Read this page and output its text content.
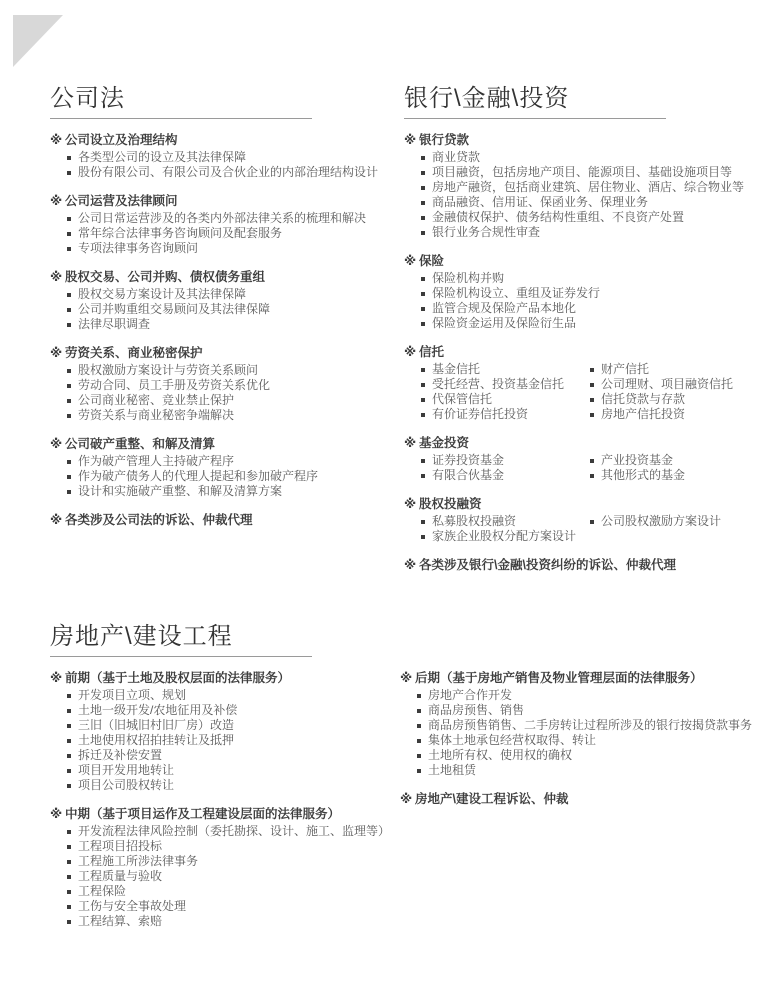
公司法
※ 公司设立及治理结构
各类型公司的设立及其法律保障
股份有限公司、有限公司及合伙企业的内部治理结构设计
※ 公司运营及法律顾问
公司日常运营涉及的各类内外部法律关系的梳理和解决
常年综合法律事务咨询顾问及配套服务
专项法律事务咨询顾问
※ 股权交易、公司并购、债权债务重组
股权交易方案设计及其法律保障
公司并购重组交易顾问及其法律保障
法律尽职调查
※ 劳资关系、商业秘密保护
股权激励方案设计与劳资关系顾问
劳动合同、员工手册及劳资关系优化
公司商业秘密、竞业禁止保护
劳资关系与商业秘密争端解决
※ 公司破产重整、和解及清算
作为破产管理人主持破产程序
作为破产债务人的代理人提起和参加破产程序
设计和实施破产重整、和解及清算方案
※ 各类涉及公司法的诉讼、仲裁代理
银行\金融\投资
※ 银行贷款
商业贷款
项目融资，包括房地产项目、能源项目、基础设施项目等
房地产融资，包括商业建筑、居住物业、酒店、综合物业等
商品融资、信用证、保函业务、保理业务
金融债权保护、债务结构性重组、不良资产处置
银行业务合规性审查
※ 保险
保险机构并购
保险机构设立、重组及证券发行
监管合规及保险产品本地化
保险资金运用及保险衍生品
※ 信托
基金信托
受托经营、投资基金信托
代保管信托
有价证券信托投资
财产信托
公司理财、项目融资信托
信托贷款与存款
房地产信托投资
※ 基金投资
证券投资基金
有限合伙基金
产业投资基金
其他形式的基金
※ 股权投融资
私募股权投融资
家族企业股权分配方案设计
公司股权激励方案设计
※ 各类涉及银行\金融\投资纠纷的诉讼、仲裁代理
房地产\建设工程
※ 前期（基于土地及股权层面的法律服务）
开发项目立项、规划
土地一级开发/农地征用及补偿
三旧（旧城旧村旧厂房）改造
土地使用权招拍挂转让及抵押
拆迁及补偿安置
项目开发用地转让
项目公司股权转让
※ 中期（基于项目运作及工程建设层面的法律服务）
开发流程法律风险控制（委托勘探、设计、施工、监理等）
工程项目招投标
工程施工所涉法律事务
工程质量与验收
工程保险
工伤与安全事故处理
工程结算、索赔
※ 后期（基于房地产销售及物业管理层面的法律服务）
房地产合作开发
商品房预售、销售
商品房预售销售、二手房转让过程所涉及的银行按揭贷款事务
集体土地承包经营权取得、转让
土地所有权、使用权的确权
土地租赁
※ 房地产\建设工程诉讼、仲裁
